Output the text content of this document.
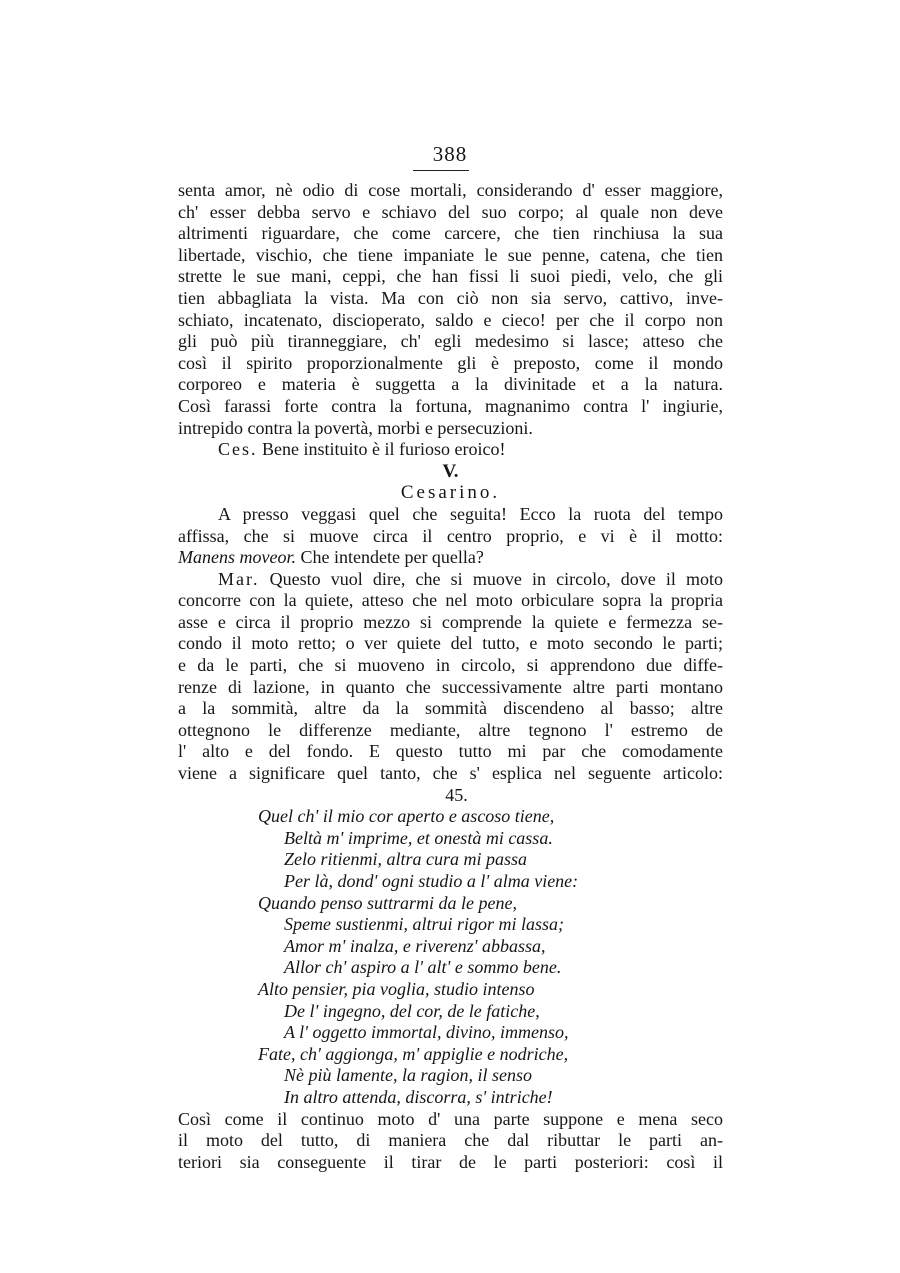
388
senta amor, nè odio di cose mortali, considerando d' esser maggiore,
ch' esser debba servo e schiavo del suo corpo; al quale non deve
altrimenti riguardare, che come carcere, che tien rinchiusa la sua
libertade, vischio, che tiene impaniate le sue penne, catena, che tien
strette le sue mani, ceppi, che han fissi li suoi piedi, velo, che gli
tien abbagliata la vista. Ma con ciò non sia servo, cattivo, inve-
schiato, incatenato, discioperato, saldo e cieco! per che il corpo non
gli può più tiranneggiare, ch' egli medesimo si lasce; atteso che
così il spirito proporzionalmente gli è preposto, come il mondo
corporeo e materia è suggetta a la divinitade et a la natura.
Così farassi forte contra la fortuna, magnanimo contra l' ingiurie,
intrepido contra la povertà, morbi e persecuzioni.
Ces. Bene instituito è il furioso eroico!
V.
Cesarino.
A presso veggasi quel che seguita! Ecco la ruota del tempo
affissa, che si muove circa il centro proprio, e vi è il motto:
Manens moveor. Che intendete per quella?
Mar. Questo vuol dire, che si muove in circolo, dove il moto
concorre con la quiete, atteso che nel moto orbiculare sopra la propria
asse e circa il proprio mezzo si comprende la quiete e fermezza se-
condo il moto retto; o ver quiete del tutto, e moto secondo le parti;
e da le parti, che si muoveno in circolo, si apprendono due diffe-
renze di lazione, in quanto che successivamente altre parti montano
a la sommità, altre da la sommità discendeno al basso; altre
ottegnono le differenze mediante, altre tegnono l' estremo de
l' alto e del fondo. E questo tutto mi par che comodamente
viene a significare quel tanto, che s' esplica nel seguente articolo:
45.
Quel ch' il mio cor aperto e ascoso tiene,
Beltà m' imprime, et onestà mi cassa.
Zelo ritienmi, altra cura mi passa
Per là, dond' ogni studio a l' alma viene:
Quando penso suttrarmi da le pene,
Speme sustienmi, altrui rigor mi lassa;
Amor m' inalza, e riverenz' abbassa,
Allor ch' aspiro a l' alt' e sommo bene.
Alto pensier, pia voglia, studio intenso
De l' ingegno, del cor, de le fatiche,
A l' oggetto immortal, divino, immenso,
Fate, ch' aggionga, m' appiglie e nodriche,
Nè più lamente, la ragion, il senso
In altro attenda, discorra, s' intriche!
Così come il continuo moto d' una parte suppone e mena seco
il moto del tutto, di maniera che dal ributtar le parti an-
teriori sia conseguente il tirar de le parti posteriori: così il
